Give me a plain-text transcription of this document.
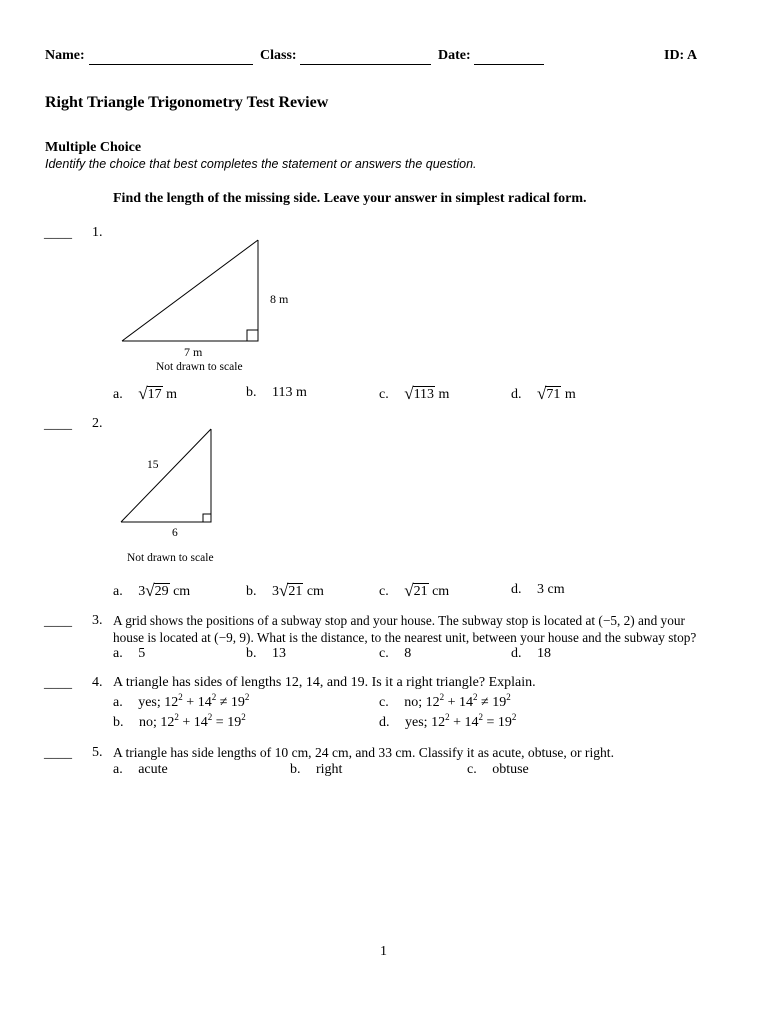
Name:	Class:	Date:	ID: A
Right Triangle Trigonometry Test Review
Multiple Choice
Identify the choice that best completes the statement or answers the question.
Find the length of the missing side. Leave your answer in simplest radical form.
____ 1.
8 m
7 m
Not drawn to scale
a. √17 m	b. 113 m	c. √113 m	d. √71 m
____ 2.
15
6
Not drawn to scale
a. 3√29 cm	b. 3√21 cm	c. √21 cm	d. 3 cm
____ 3. A grid shows the positions of a subway stop and your house. The subway stop is located at (−5, 2) and your
house is located at (−9, 9). What is the distance, to the nearest unit, between your house and the subway stop?
a. 5	b. 13	c. 8	d. 18
____ 4. A triangle has sides of lengths 12, 14, and 19. Is it a right triangle? Explain.
a. yes; $12^2 + 14^2 \ne 19^2$	c. no; $12^2 + 14^2 \ne 19^2$
b. no; $12^2 + 14^2 = 19^2$	d. yes; $12^2 + 14^2 = 19^2$
____ 5. A triangle has side lengths of 10 cm, 24 cm, and 33 cm. Classify it as acute, obtuse, or right.
a. acute	b. right	c. obtuse
1
